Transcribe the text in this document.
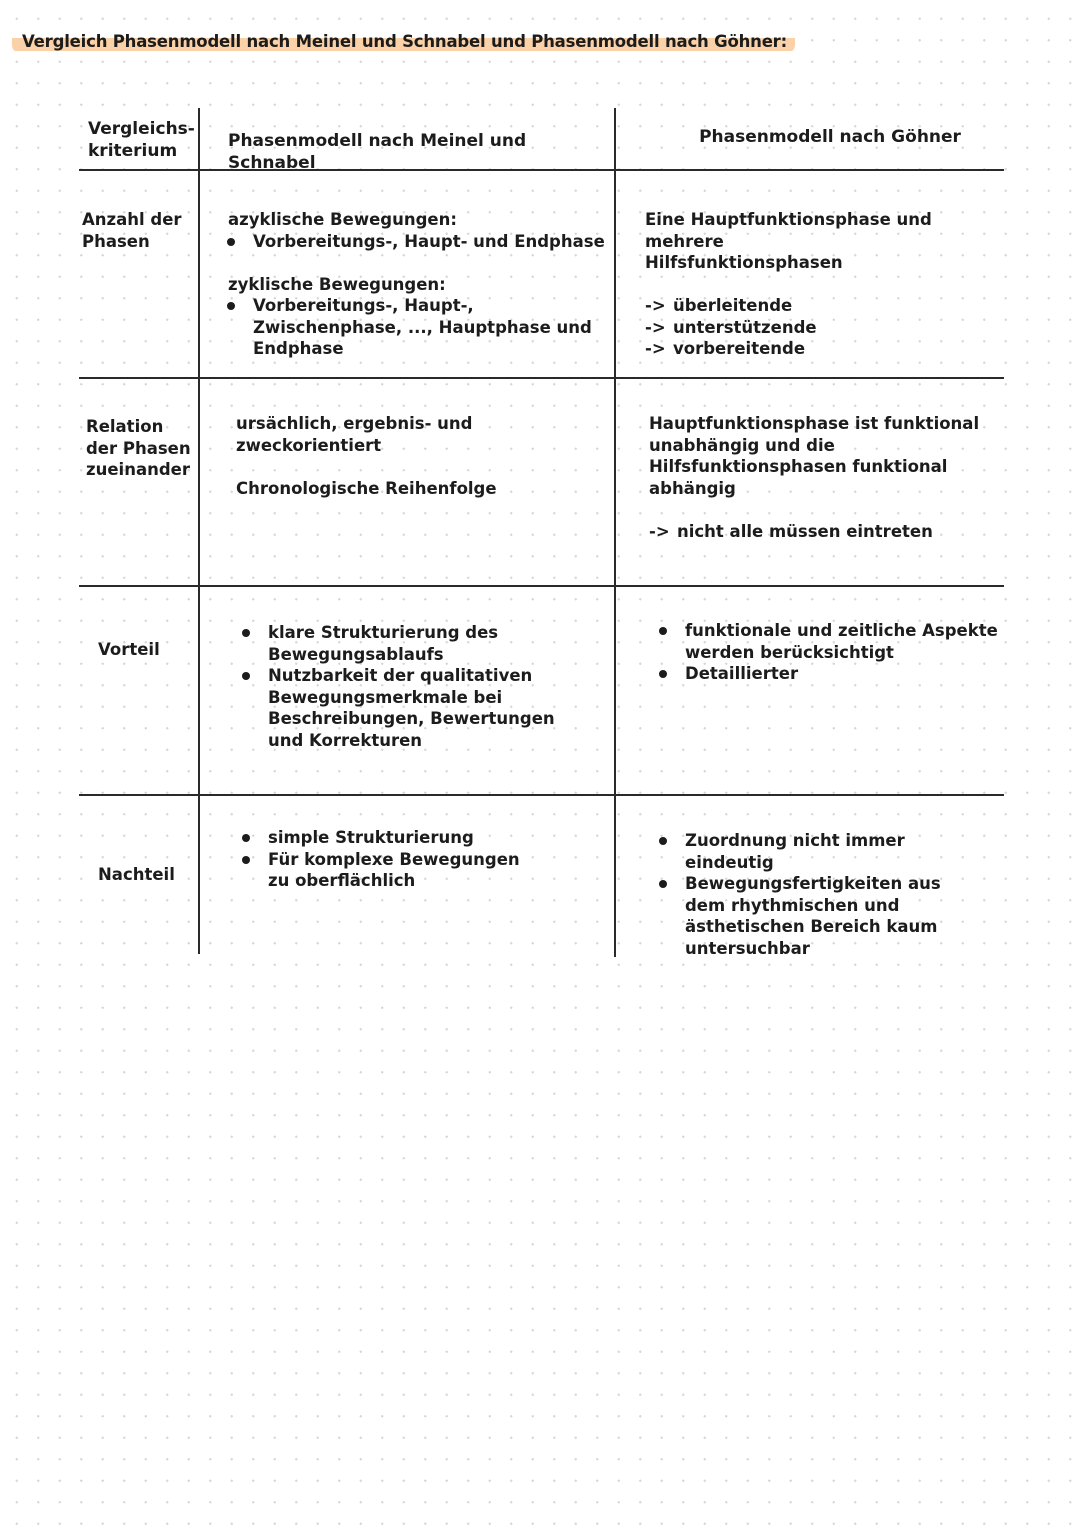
Vergleich Phasenmodell nach Meinel und Schnabel und Phasenmodell nach Göhner:

Vergleichs-

kriterium	Phasenmodell nach Meinel und Schnabel
Phasenmodell nach Göhner

Anzahl der

Phasen

azyklische Bewegungen:

Vorbereitungs-, Haupt- und Endphase

zyklische Bewegungen:

Vorbereitungs-, Haupt-, Zwischenphase, ..., Hauptphase und Endphase

Eine Hauptfunktionsphase und mehrere

Hilfsfunktionsphasen

-> überleitende

-> unterstützende

-> vorbereitende

Relation

der Phasen

zueinander

ursächlich, ergebnis- und zweckorientiert

Chronologische Reihenfolge

Hauptfunktionsphase ist funktional

unabhängig und die

Hilfsfunktionsphasen funktional

abhängig

-> nicht alle müssen eintreten

Vorteil
klare Strukturierung des Bewegungsablaufs
Nutzbarkeit der qualitativen Bewegungsmerkmale bei Beschreibungen, Bewertungen und Korrekturen
funktionale und zeitliche Aspekte werden berücksichtigt
Detaillierter
Nachteil
simple Strukturierung
Für komplexe Bewegungen zu oberflächlich
Zuordnung nicht immer eindeutig
Bewegungsfertigkeiten aus dem rhythmischen und ästhetischen Bereich kaum untersuchbar
